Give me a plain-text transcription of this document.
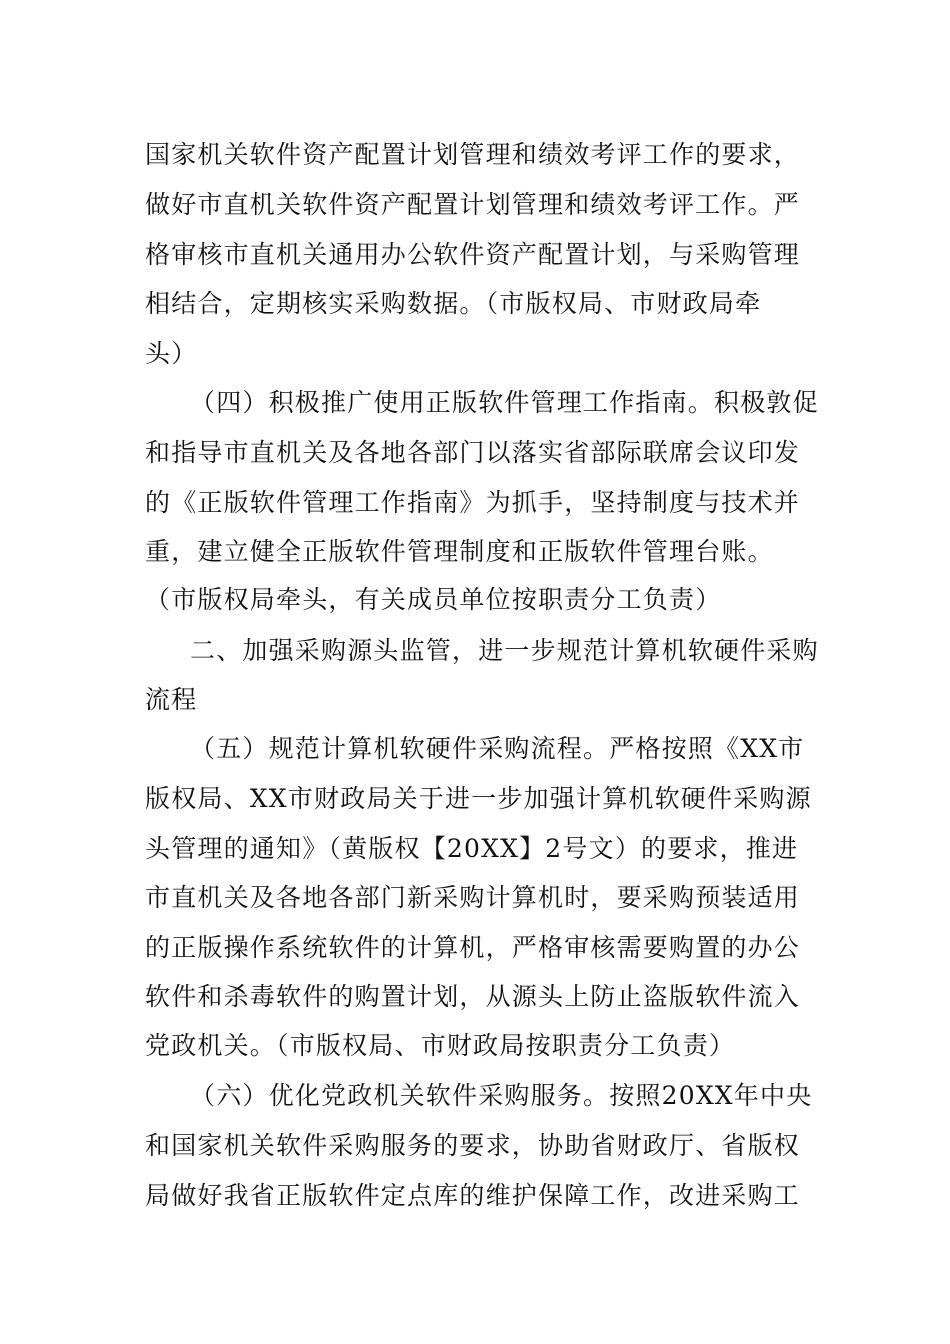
国家机关软件资产配置计划管理和绩效考评工作的要求，
做好市直机关软件资产配置计划管理和绩效考评工作。严
格审核市直机关通用办公软件资产配置计划，与采购管理
相结合，定期核实采购数据。（市版权局、市财政局牵
头）
（四）积极推广使用正版软件管理工作指南。积极敦促
和指导市直机关及各地各部门以落实省部际联席会议印发
的《正版软件管理工作指南》为抓手，坚持制度与技术并
重，建立健全正版软件管理制度和正版软件管理台账。
（市版权局牵头，有关成员单位按职责分工负责）
二、加强采购源头监管，进一步规范计算机软硬件采购
流程
（五）规范计算机软硬件采购流程。严格按照《XX市
版权局、XX市财政局关于进一步加强计算机软硬件采购源
头管理的通知》（黄版权【20XX】2号文）的要求，推进
市直机关及各地各部门新采购计算机时，要采购预装适用
的正版操作系统软件的计算机，严格审核需要购置的办公
软件和杀毒软件的购置计划，从源头上防止盗版软件流入
党政机关。（市版权局、市财政局按职责分工负责）
（六）优化党政机关软件采购服务。按照20XX年中央
和国家机关软件采购服务的要求，协助省财政厅、省版权
局做好我省正版软件定点库的维护保障工作，改进采购工
